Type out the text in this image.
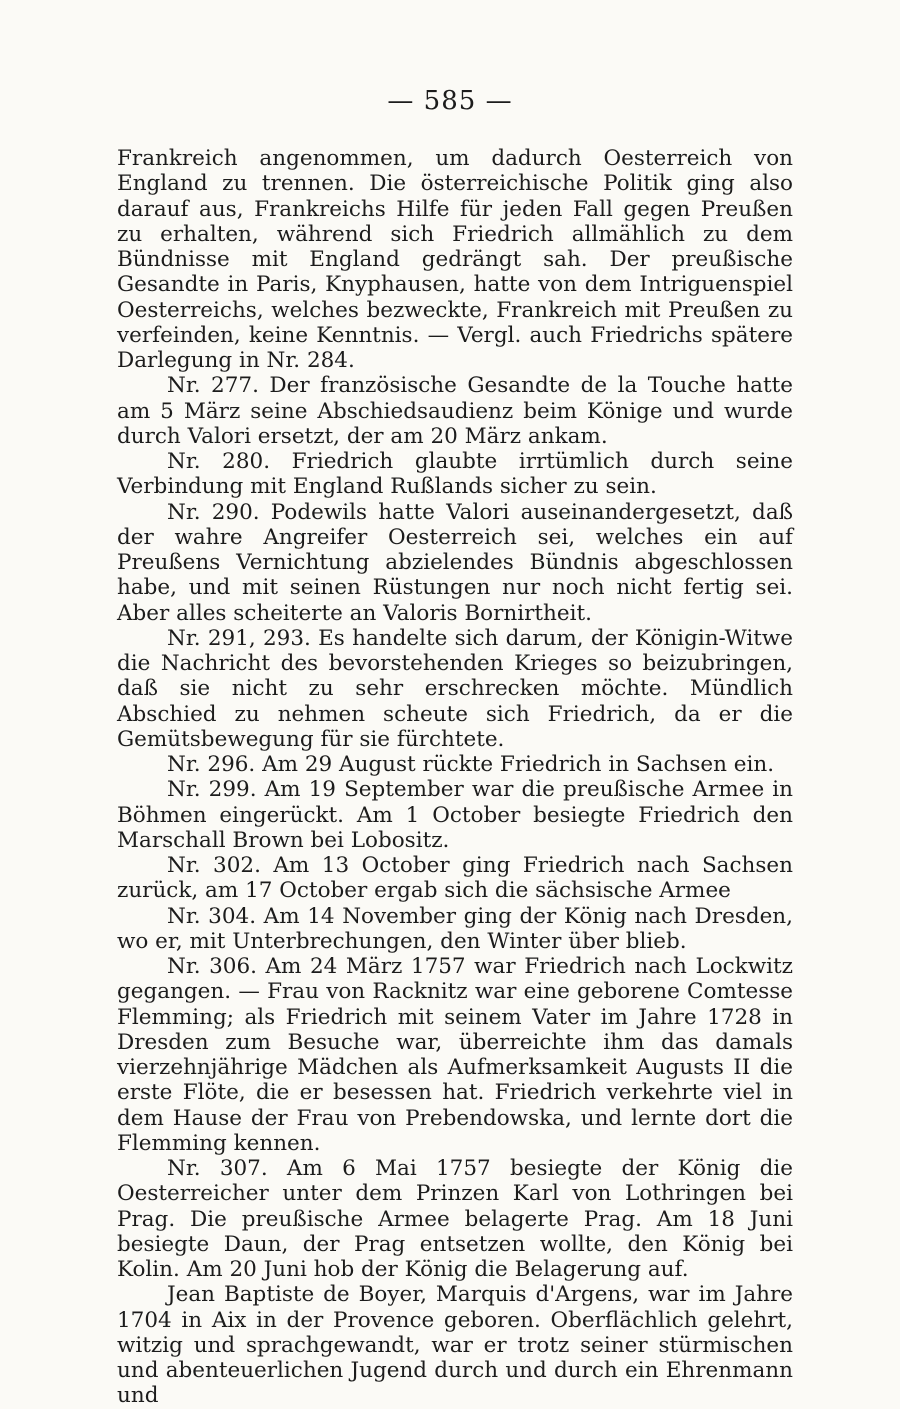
— 585 —

Frankreich angenommen, um dadurch Oesterreich von England zu trennen. Die österreichische Politik ging also darauf aus, Frankreichs Hilfe für jeden Fall gegen Preußen zu erhalten, während sich Friedrich allmählich zu dem Bündnisse mit England gedrängt sah. Der preußische Gesandte in Paris, Knyphausen, hatte von dem Intriguenspiel Oesterreichs, welches bezweckte, Frankreich mit Preußen zu verfeinden, keine Kenntnis. — Vergl. auch Friedrichs spätere Darlegung in Nr. 284.

Nr. 277. Der französische Gesandte de la Touche hatte am 5 März seine Abschiedsaudienz beim Könige und wurde durch Valori ersetzt, der am 20 März ankam.

Nr. 280. Friedrich glaubte irrtümlich durch seine Verbindung mit England Rußlands sicher zu sein.

Nr. 290. Podewils hatte Valori auseinandergesetzt, daß der wahre Angreifer Oesterreich sei, welches ein auf Preußens Vernichtung abzielendes Bündnis abgeschlossen habe, und mit seinen Rüstungen nur noch nicht fertig sei. Aber alles scheiterte an Valoris Bornirtheit.

Nr. 291, 293. Es handelte sich darum, der Königin-Witwe die Nachricht des bevorstehenden Krieges so beizubringen, daß sie nicht zu sehr erschrecken möchte. Mündlich Abschied zu nehmen scheute sich Friedrich, da er die Gemütsbewegung für sie fürchtete.

Nr. 296. Am 29 August rückte Friedrich in Sachsen ein.

Nr. 299. Am 19 September war die preußische Armee in Böhmen eingerückt. Am 1 October besiegte Friedrich den Marschall Brown bei Lobositz.

Nr. 302. Am 13 October ging Friedrich nach Sachsen zurück, am 17 October ergab sich die sächsische Armee

Nr. 304. Am 14 November ging der König nach Dresden, wo er, mit Unterbrechungen, den Winter über blieb.

Nr. 306. Am 24 März 1757 war Friedrich nach Lockwitz gegangen. — Frau von Racknitz war eine geborene Comtesse Flemming; als Friedrich mit seinem Vater im Jahre 1728 in Dresden zum Besuche war, überreichte ihm das damals vierzehnjährige Mädchen als Aufmerksamkeit Augusts II die erste Flöte, die er besessen hat. Friedrich verkehrte viel in dem Hause der Frau von Prebendowska, und lernte dort die Flemming kennen.

Nr. 307. Am 6 Mai 1757 besiegte der König die Oesterreicher unter dem Prinzen Karl von Lothringen bei Prag. Die preußische Armee belagerte Prag. Am 18 Juni besiegte Daun, der Prag entsetzen wollte, den König bei Kolin. Am 20 Juni hob der König die Belagerung auf.

Jean Baptiste de Boyer, Marquis d'Argens, war im Jahre 1704 in Aix in der Provence geboren. Oberflächlich gelehrt, witzig und sprachgewandt, war er trotz seiner stürmischen und abenteuerlichen Jugend durch und durch ein Ehrenmann und
